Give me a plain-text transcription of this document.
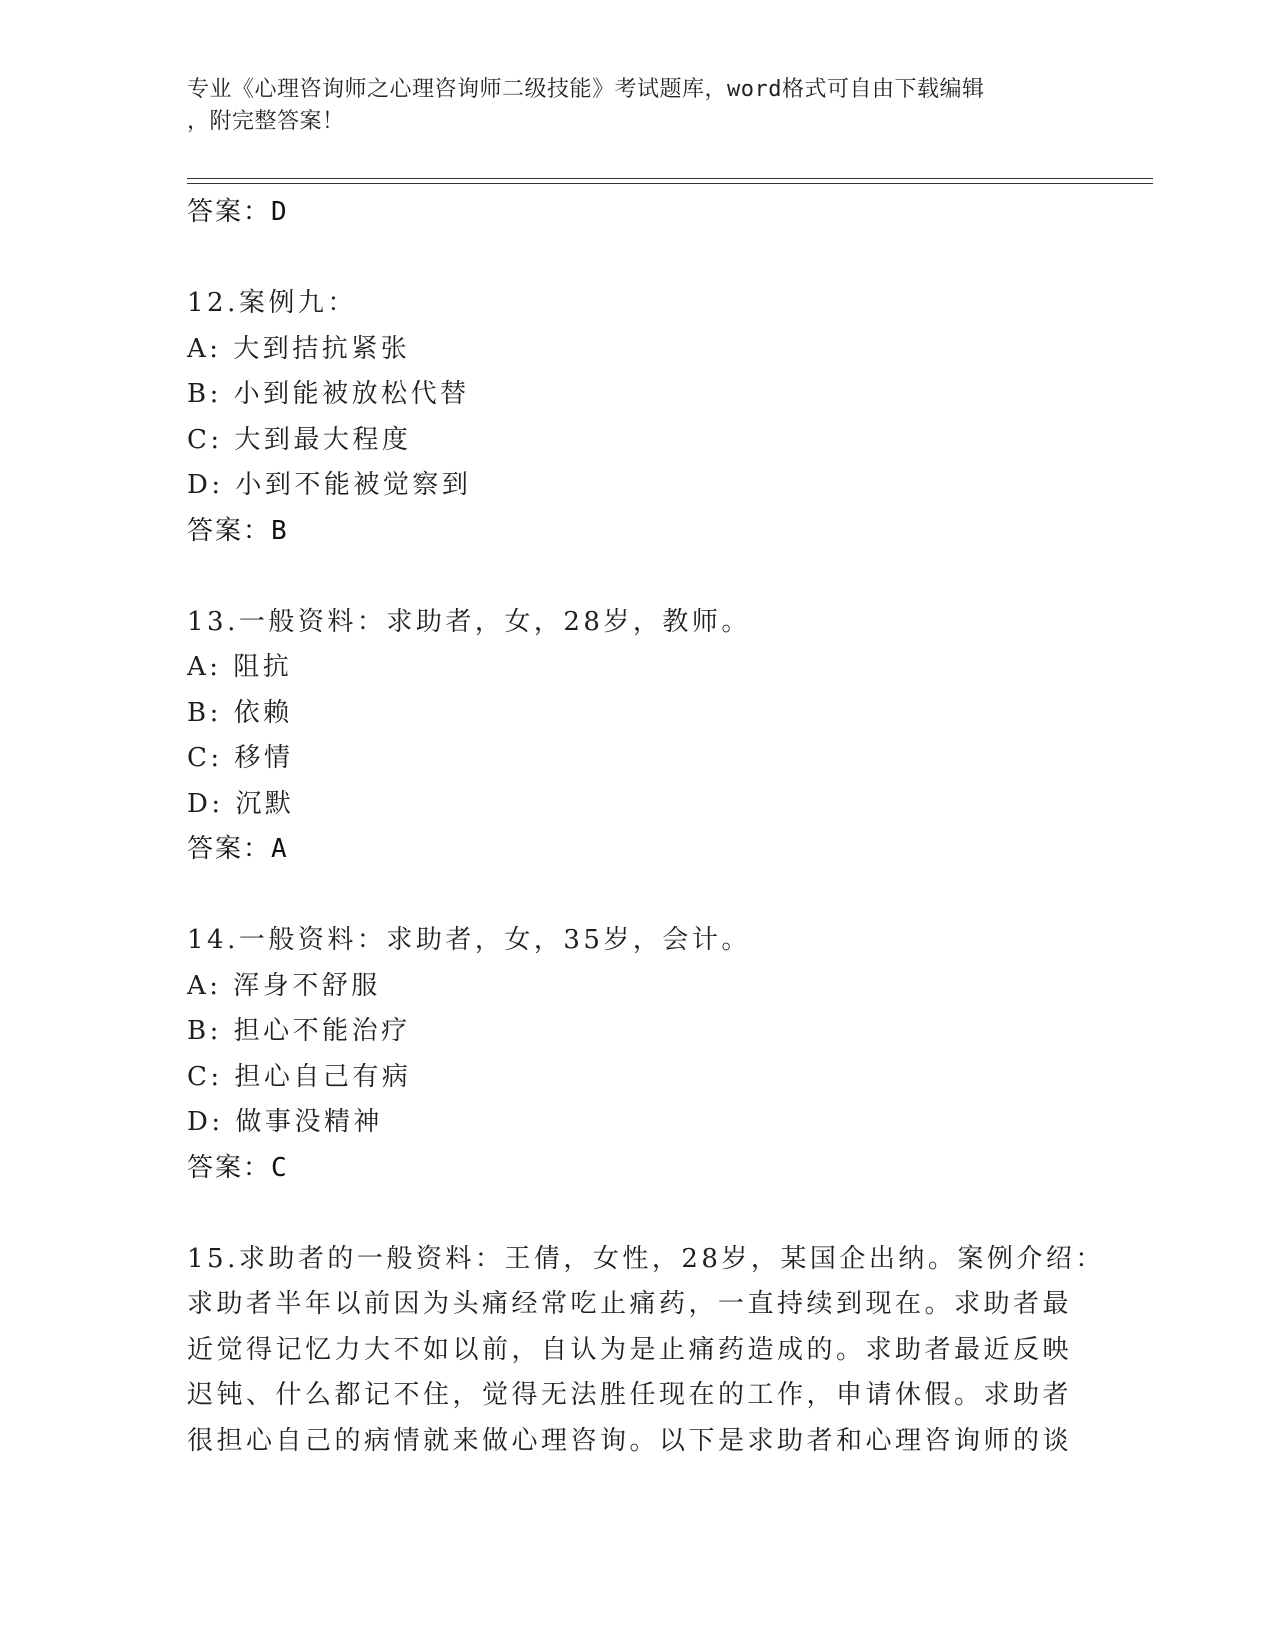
专业《心理咨询师之心理咨询师二级技能》考试题库，word格式可自由下载编辑
，附完整答案！
答案：D
12.案例九：
A: 大到拮抗紧张
B: 小到能被放松代替
C: 大到最大程度
D: 小到不能被觉察到
答案：B
13.一般资料：求助者，女，28岁，教师。
A: 阻抗
B: 依赖
C: 移情
D: 沉默
答案：A
14.一般资料：求助者，女，35岁，会计。
A: 浑身不舒服
B: 担心不能治疗
C: 担心自己有病
D: 做事没精神
答案：C
15.求助者的一般资料：王倩，女性，28岁，某国企出纳。案例介绍：
求助者半年以前因为头痛经常吃止痛药，一直持续到现在。求助者最
近觉得记忆力大不如以前，自认为是止痛药造成的。求助者最近反映
迟钝、什么都记不住，觉得无法胜任现在的工作，申请休假。求助者
很担心自己的病情就来做心理咨询。以下是求助者和心理咨询师的谈
